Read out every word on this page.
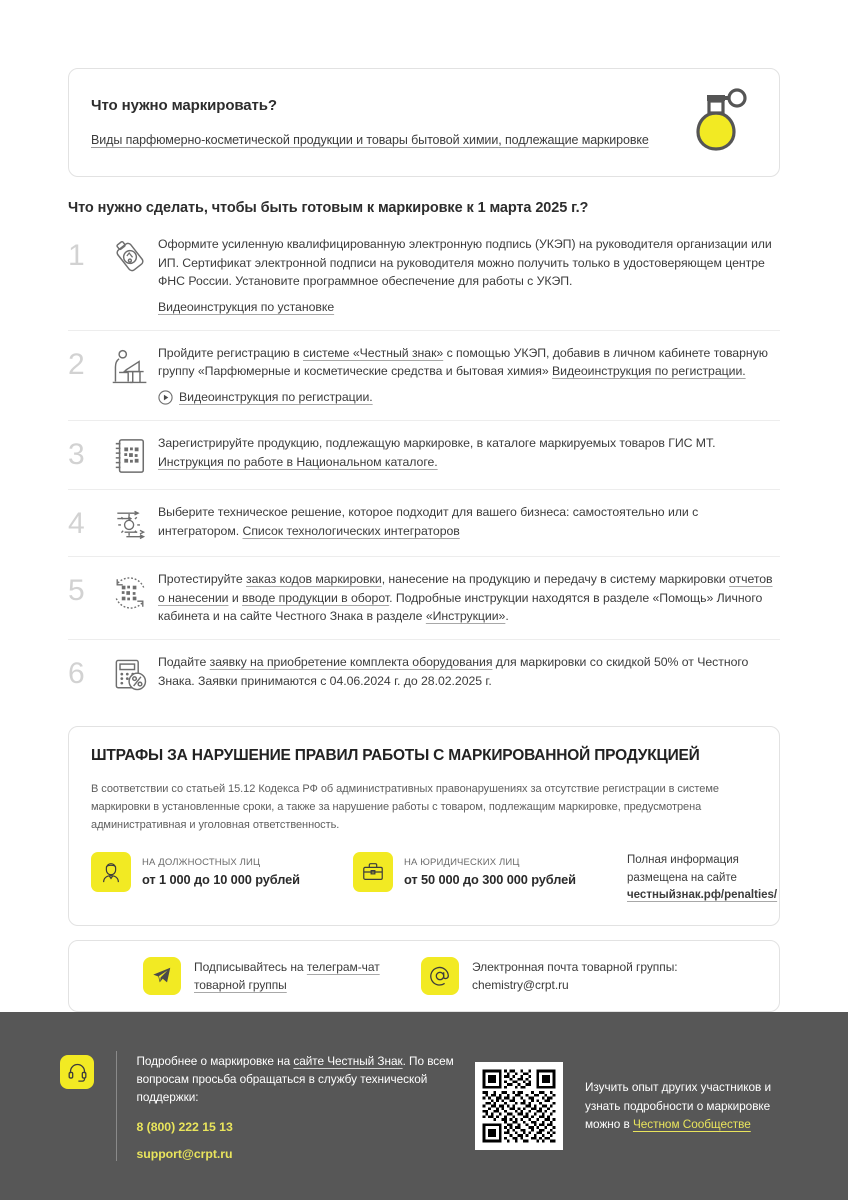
Что нужно маркировать?
Виды парфюмерно-косметической продукции и товары бытовой химии, подлежащие маркировке
Что нужно сделать, чтобы быть готовым к маркировке к 1 марта 2025 г.?
1	Оформите усиленную квалифицированную электронную подпись (УКЭП) на руководителя организации или ИП. Сертификат электронной подписи на руководителя можно получить только в удостоверяющем центре ФНС России. Установите программное обеспечение для работы с УКЭП.
Видеоинструкция по установке
2	Пройдите регистрацию в системе «Честный знак» с помощью УКЭП, добавив в личном кабинете товарную группу «Парфюмерные и косметические средства и бытовая химия» Видеоинструкция по регистрации.
Видеоинструкция по регистрации.
3	Зарегистрируйте продукцию, подлежащую маркировке, в каталоге маркируемых товаров ГИС МТ. Инструкция по работе в Национальном каталоге.
4	Выберите техническое решение, которое подходит для вашего бизнеса: самостоятельно или с интегратором. Список технологических интеграторов
5	Протестируйте заказ кодов маркировки, нанесение на продукцию и передачу в систему маркировки отчетов о нанесении и вводе продукции в оборот. Подробные инструкции находятся в разделе «Помощь» Личного кабинета и на сайте Честного Знака в разделе «Инструкции».
6	Подайте заявку на приобретение комплекта оборудования для маркировки со скидкой 50% от Честного Знака. Заявки принимаются с 04.06.2024 г. до 28.02.2025 г.
ШТРАФЫ ЗА НАРУШЕНИЕ ПРАВИЛ РАБОТЫ С МАРКИРОВАННОЙ ПРОДУКЦИЕЙ
В соответствии со статьей 15.12 Кодекса РФ об административных правонарушениях за отсутствие регистрации в системе маркировки в установленные сроки, а также за нарушение работы с товаром, подлежащим маркировке, предусмотрена административная и уголовная ответственность.
НА ДОЛЖНОСТНЫХ ЛИЦ
от 1 000 до 10 000 рублей
НА ЮРИДИЧЕСКИХ ЛИЦ
от 50 000 до 300 000 рублей
Полная информация размещена на сайте честныйзнак.рф/penalties/
Подписывайтесь на телеграм-чат товарной группы
Электронная почта товарной группы:
chemistry@crpt.ru
Подробнее о маркировке на сайте Честный Знак. По всем вопросам просьба обращаться в службу технической поддержки:
8 (800) 222 15 13
support@crpt.ru
Изучить опыт других участников и узнать подробности о маркировке можно в Честном Сообществе
